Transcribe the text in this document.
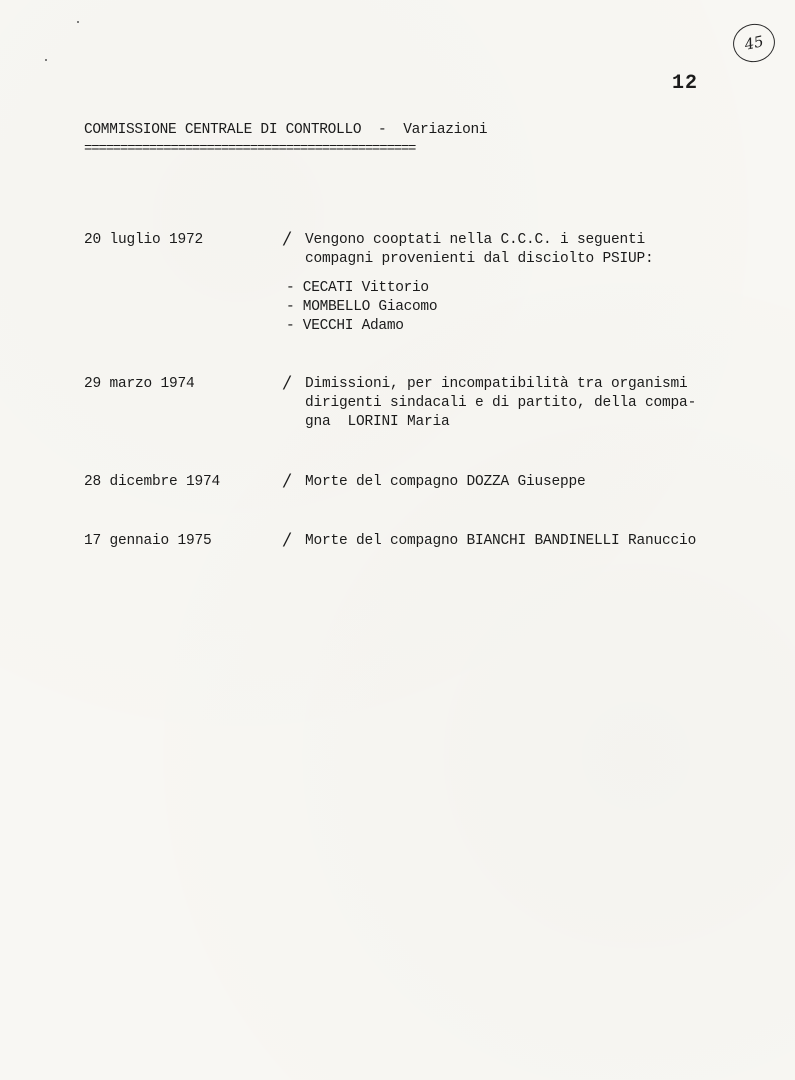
45
12
COMMISSIONE CENTRALE DI CONTROLLO  -  Variazioni
==============================================
20 luglio 1972	/ Vengono cooptati nella C.C.C. i seguenti
compagni provenienti dal disciolto PSIUP:
- CECATI Vittorio
- MOMBELLO Giacomo
- VECCHI Adamo
29 marzo 1974	/ Dimissioni, per incompatibilità tra organismi
dirigenti sindacali e di partito, della compa-
gna  LORINI Maria
28 dicembre 1974	/ Morte del compagno DOZZA Giuseppe
17 gennaio 1975	/ Morte del compagno BIANCHI BANDINELLI Ranuccio
